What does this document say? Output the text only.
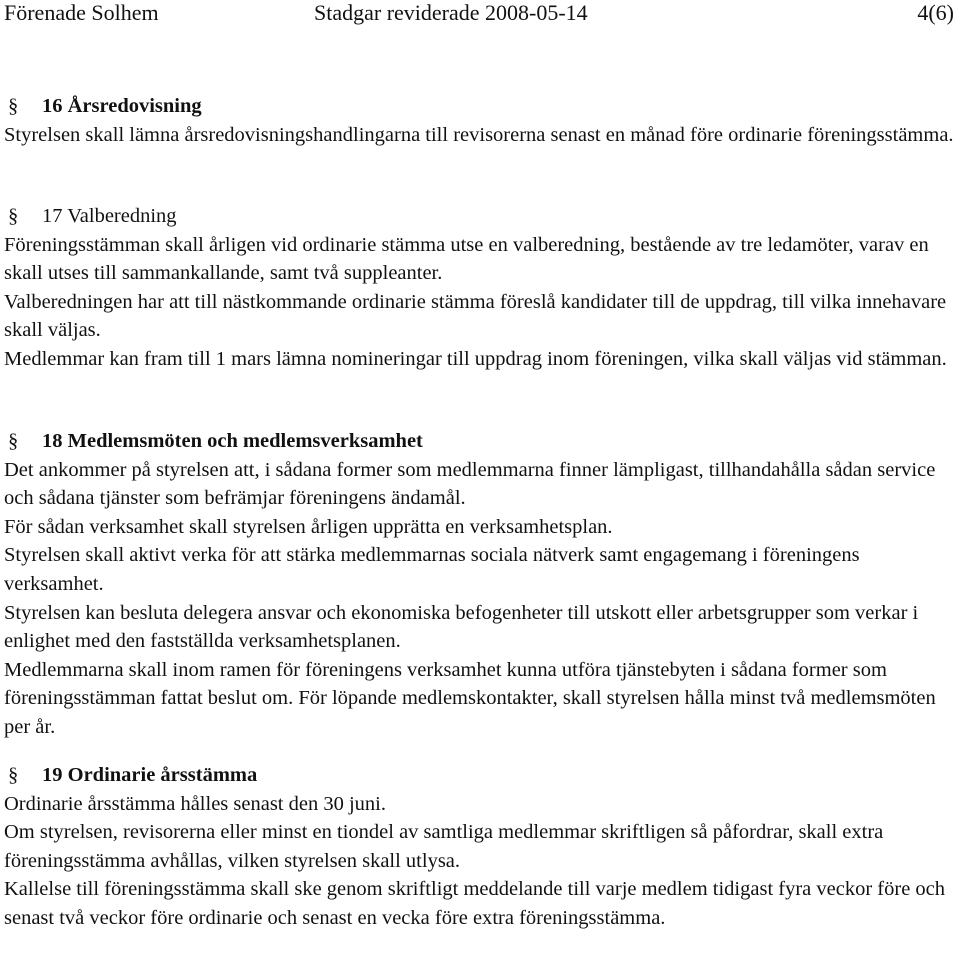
Förenade Solhem	Stadgar reviderade 2008-05-14	4(6)
§ 16 Årsredovisning

Styrelsen skall lämna årsredovisningshandlingarna till revisorerna senast en månad före ordinarie föreningsstämma.

§ 17 Valberedning

Föreningsstämman skall årligen vid ordinarie stämma utse en valberedning, bestående av tre ledamöter, varav en skall utses till sammankallande, samt två suppleanter.

Valberedningen har att till nästkommande ordinarie stämma föreslå kandidater till de uppdrag, till vilka innehavare skall väljas.

Medlemmar kan fram till 1 mars lämna nomineringar till uppdrag inom föreningen, vilka skall väljas vid stämman.

§ 18 Medlemsmöten och medlemsverksamhet

Det ankommer på styrelsen att, i sådana former som medlemmarna finner lämpligast, tillhandahålla sådan service och sådana tjänster som befrämjar föreningens ändamål.

För sådan verksamhet skall styrelsen årligen upprätta en verksamhetsplan.

Styrelsen skall aktivt verka för att stärka medlemmarnas sociala nätverk samt engagemang i föreningens verksamhet.

Styrelsen kan besluta delegera ansvar och ekonomiska befogenheter till utskott eller arbetsgrupper som verkar i enlighet med den fastställda verksamhetsplanen.

Medlemmarna skall inom ramen för föreningens verksamhet kunna utföra tjänstebyten i sådana former som föreningsstämman fattat beslut om. För löpande medlemskontakter, skall styrelsen hålla minst två medlemsmöten per år.

§ 19 Ordinarie årsstämma

Ordinarie årsstämma hålles senast den 30 juni.

Om styrelsen, revisorerna eller minst en tiondel av samtliga medlemmar skriftligen så påfordrar, skall extra föreningsstämma avhållas, vilken styrelsen skall utlysa.

Kallelse till föreningsstämma skall ske genom skriftligt meddelande till varje medlem tidigast fyra veckor före och senast två veckor före ordinarie och senast en vecka före extra föreningsstämma.
